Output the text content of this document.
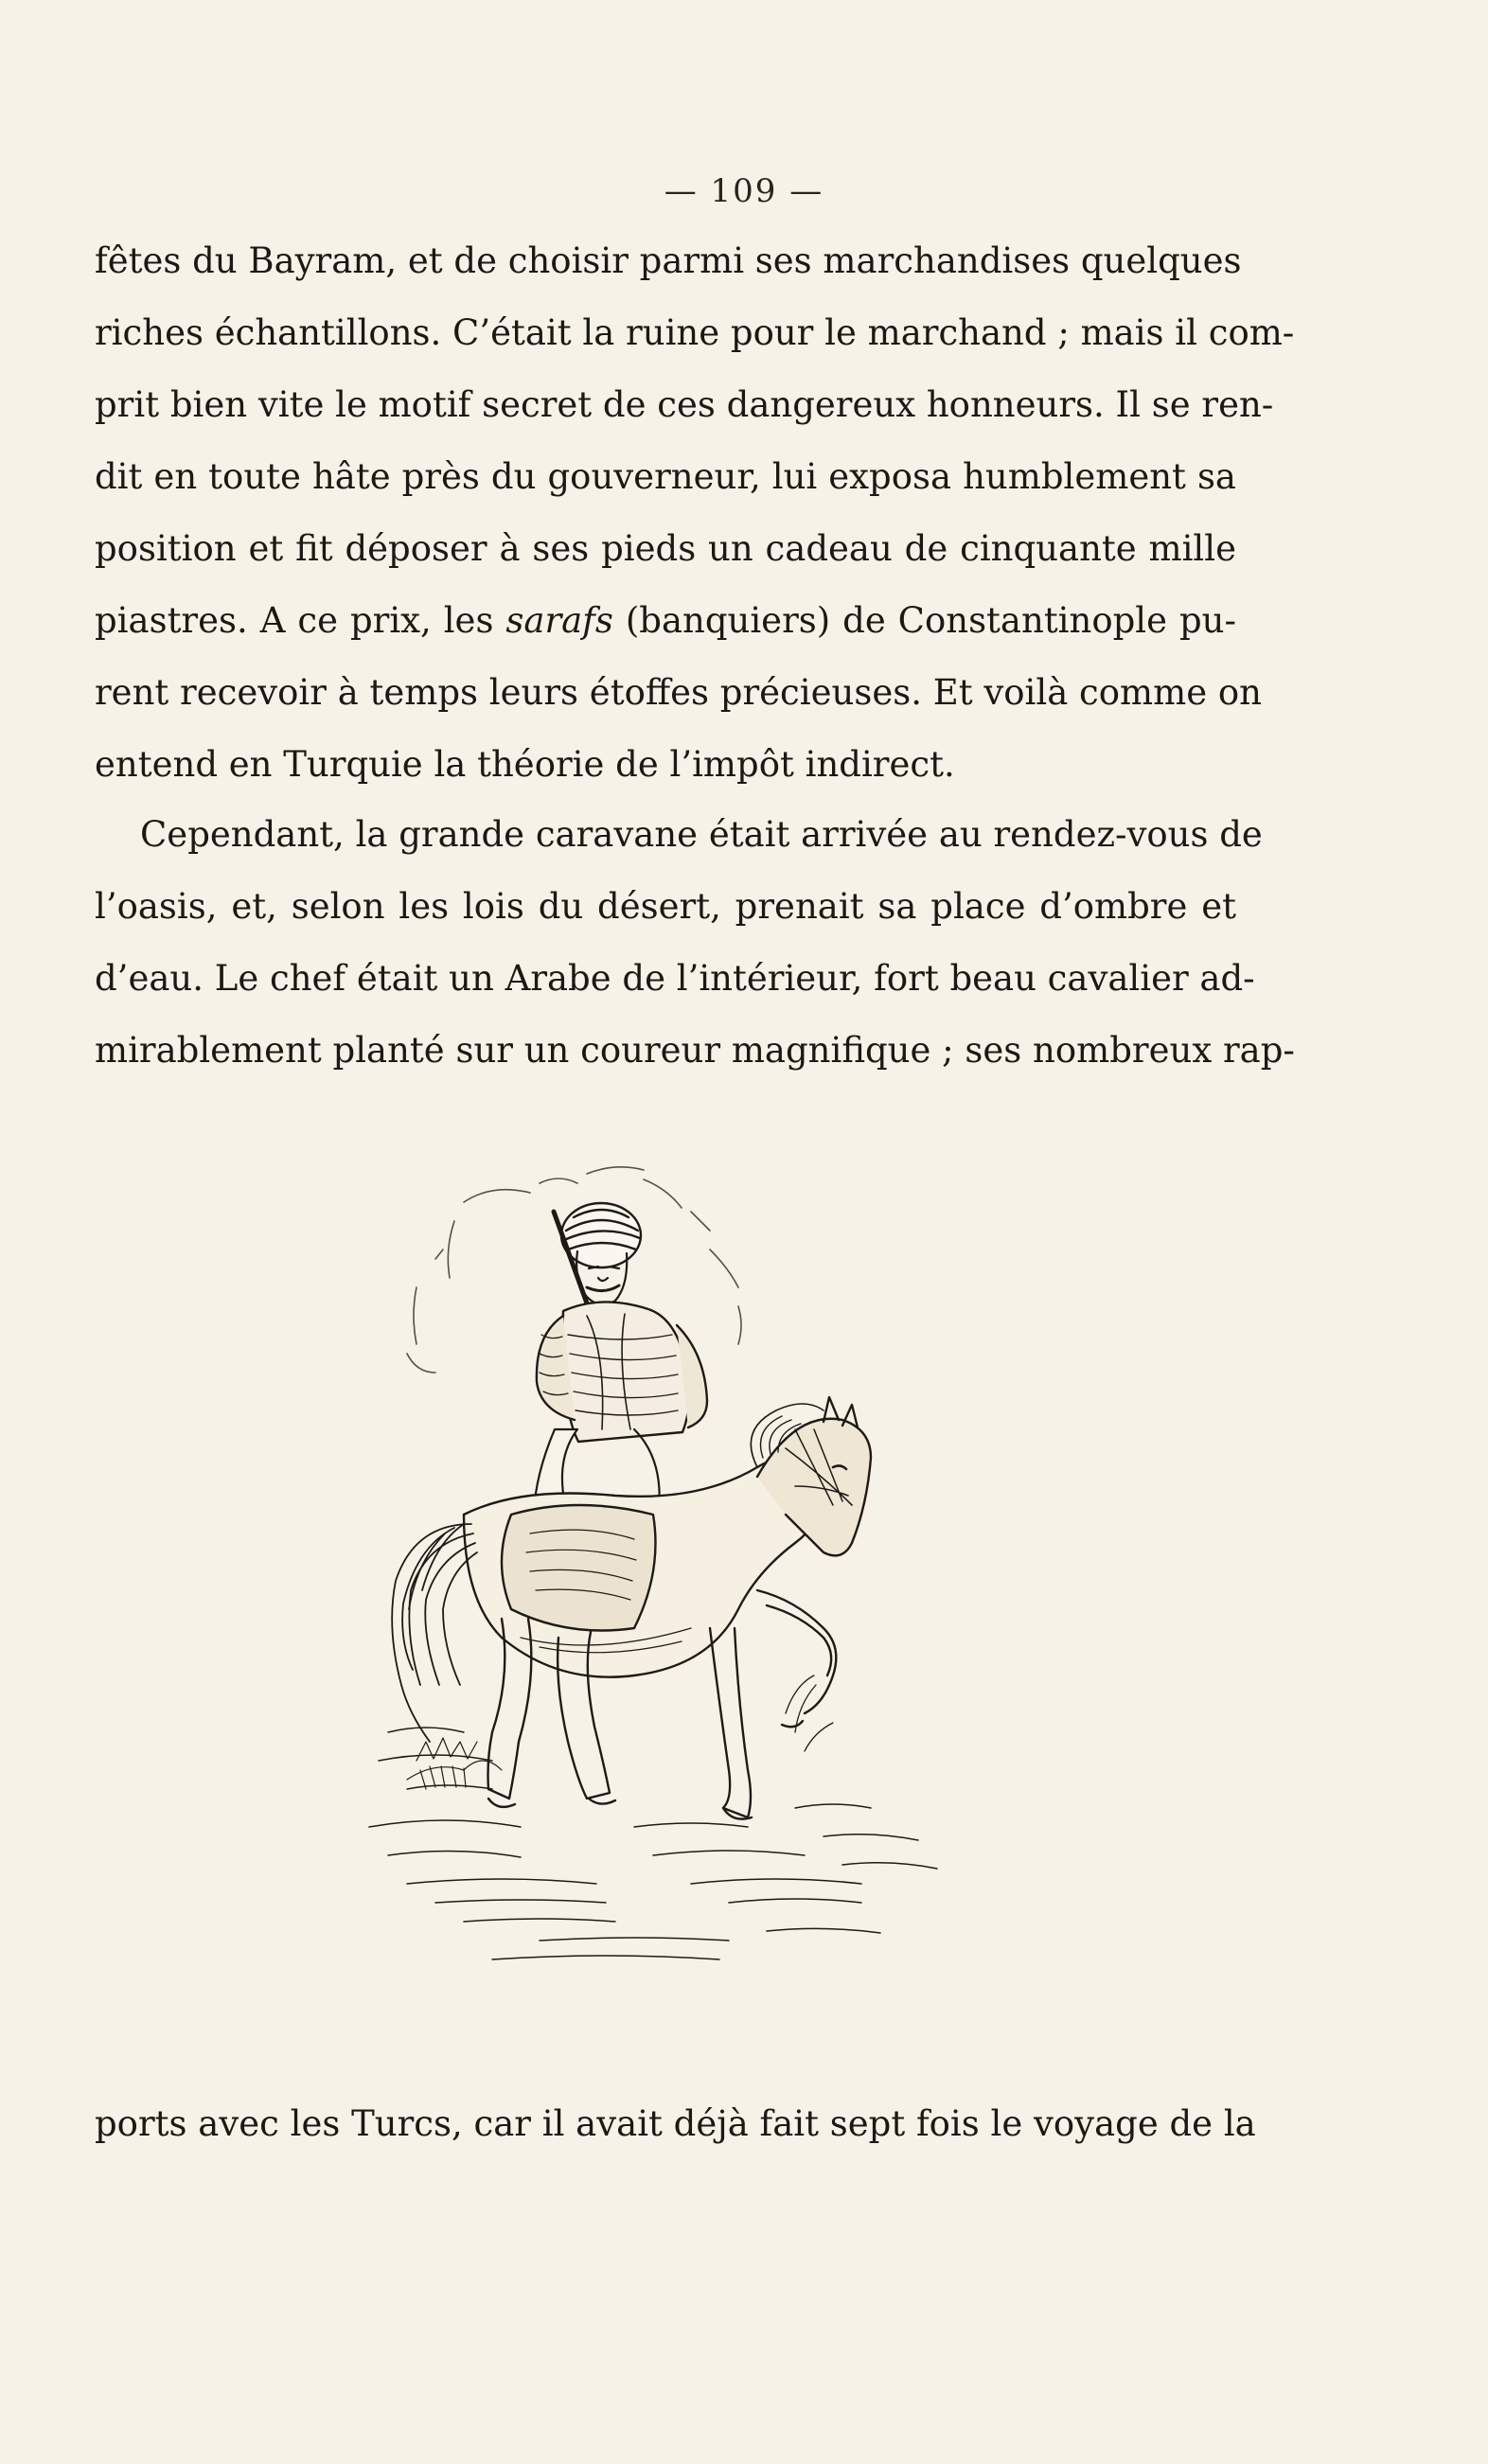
— 109 —
fêtes du Bayram, et de choisir parmi ses marchandises quelques
riches échantillons. C’était la ruine pour le marchand ; mais il com-
prit bien vite le motif secret de ces dangereux honneurs. Il se ren-
dit en toute hâte près du gouverneur, lui exposa humblement sa
position et fit déposer à ses pieds un cadeau de cinquante mille
piastres. A ce prix, les sarafs (banquiers) de Constantinople pu-
rent recevoir à temps leurs étoffes précieuses. Et voilà comme on
entend en Turquie la théorie de l’impôt indirect.
Cependant, la grande caravane était arrivée au rendez-vous de
l’oasis, et, selon les lois du désert, prenait sa place d’ombre et
d’eau. Le chef était un Arabe de l’intérieur, fort beau cavalier ad-
mirablement planté sur un coureur magnifique ; ses nombreux rap-
ports avec les Turcs, car il avait déjà fait sept fois le voyage de la
